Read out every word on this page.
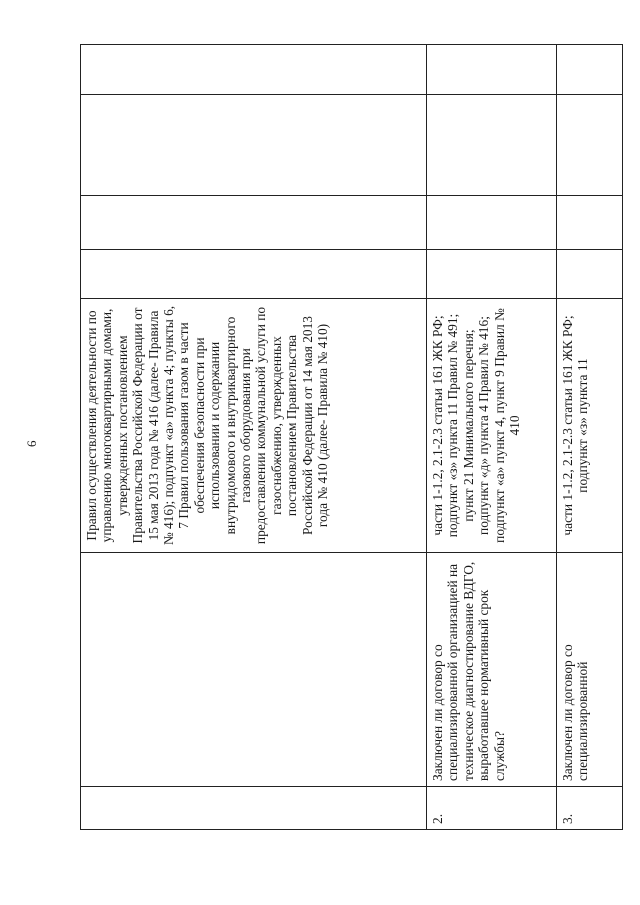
6
			Правил осуществления деятельности по управлению многоквартирными домами, утвержденных постановлением Правительства Российской Федерации от 15 мая 2013 года № 416 (далее- Правила № 416); подпункт «а» пункта 4; пункты 6, 7 Правил пользования газом в части обеспечения безопасности при использовании и содержании внутридомового и внутриквартирного газового оборудования при предоставлении коммунальной услуги по газоснабжению, утвержденных постановлением Правительства Российской Федерации от 14 мая 2013 года № 410 (далее- Правила № 410)				
2.	Заключен ли договор со специализированной организацией на техническое диагностирование ВДГО, выработавшее нормативный срок службы?	части 1-1.2, 2.1-2.3 статьи 161 ЖК РФ; подпункт «з» пункта 11 Правил № 491; пункт 21 Минимального перечня; подпункт «д» пункта 4 Правил № 416; подпункт «а» пункт 4, пункт 9 Правил № 410				
3.	Заключен ли договор со специализированной	части 1-1.2, 2.1-2.3 статьи 161 ЖК РФ; подпункт «з» пункта 11				
